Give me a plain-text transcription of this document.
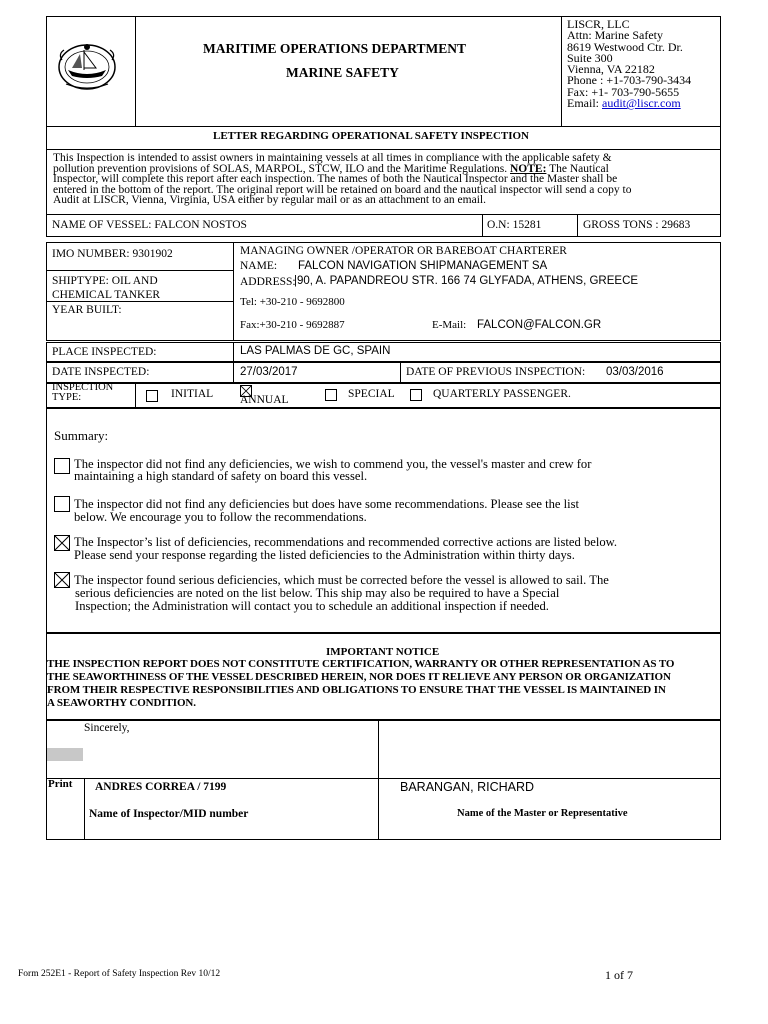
MARITIME OPERATIONS DEPARTMENT
MARINE SAFETY
LISCR, LLC
Attn: Marine Safety
8619 Westwood Ctr. Dr.
Suite 300
Vienna, VA 22182
Phone : +1-703-790-3434
Fax: +1- 703-790-5655
Email: audit@liscr.com
LETTER REGARDING OPERATIONAL SAFETY INSPECTION
This Inspection is intended to assist owners in maintaining vessels at all times in compliance with the applicable safety &
pollution prevention provisions of SOLAS, MARPOL, STCW, ILO and the Maritime Regulations. NOTE: The Nautical
Inspector, will complete this report after each inspection. The names of both the Nautical Inspector and the Master shall be
entered in the bottom of the report. The original report will be retained on board and the nautical inspector will send a copy to
Audit at LISCR, Vienna, Virginia, USA either by regular mail or as an attachment to an email.
NAME OF VESSEL: FALCON NOSTOS	O.N: 15281	GROSS TONS : 29683
IMO NUMBER: 9301902
SHIPTYPE: OIL AND
CHEMICAL TANKER
YEAR BUILT:
MANAGING OWNER /OPERATOR OR BAREBOAT CHARTERER
NAME: FALCON NAVIGATION SHIPMANAGEMENT SA
ADDRESS:
|90, A. PAPANDREOU STR. 166 74 GLYFADA, ATHENS, GREECE
Tel: +30-210 - 9692800
Fax:+30-210 - 9692887	E-Mail: FALCON@FALCON.GR
PLACE INSPECTED:	LAS PALMAS DE GC, SPAIN
DATE INSPECTED:	27/03/2017	DATE OF PREVIOUS INSPECTION: 03/03/2016
INSPECTION
TYPE:	INITIAL ANNUAL	SPECIAL	QUARTERLY PASSENGER.
Summary:
The inspector did not find any deficiencies, we wish to commend you, the vessel's master and crew for
maintaining a high standard of safety on board this vessel.
The inspector did not find any deficiencies but does have some recommendations. Please see the list
below. We encourage you to follow the recommendations.
The Inspector’s list of deficiencies, recommendations and recommended corrective actions are listed below.
Please send your response regarding the listed deficiencies to the Administration within thirty days.
The inspector found serious deficiencies, which must be corrected before the vessel is allowed to sail. The
serious deficiencies are noted on the list below. This ship may also be required to have a Special
Inspection; the Administration will contact you to schedule an additional inspection if needed.
IMPORTANT NOTICE
THE INSPECTION REPORT DOES NOT CONSTITUTE CERTIFICATION, WARRANTY OR OTHER REPRESENTATION AS TO
THE SEAWORTHINESS OF THE VESSEL DESCRIBED HEREIN, NOR DOES IT RELIEVE ANY PERSON OR ORGANIZATION
FROM THEIR RESPECTIVE RESPONSIBILITIES AND OBLIGATIONS TO ENSURE THAT THE VESSEL IS MAINTAINED IN
A SEAWORTHY CONDITION.
Sincerely,
Print ANDRES CORREA / 7199
Name of Inspector/MID number
BARANGAN, RICHARD
Name of the Master or Representative
Form 252E1 - Report of Safety Inspection Rev 10/12	1 of 7
